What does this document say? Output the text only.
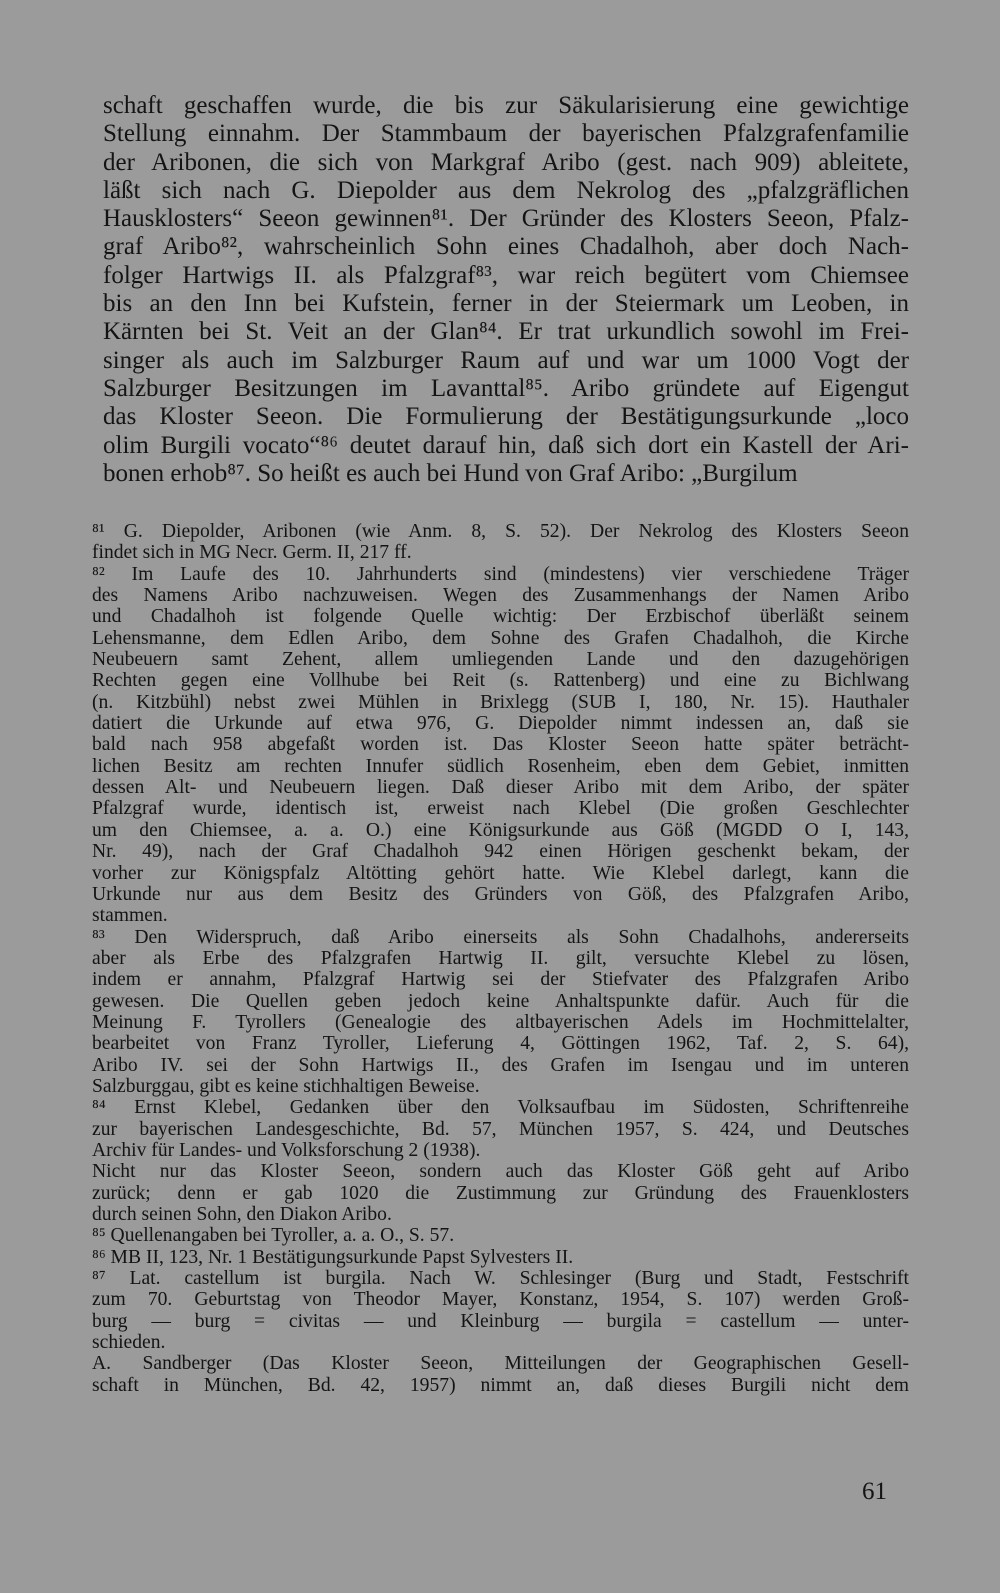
schaft geschaffen wurde, die bis zur Säkularisierung eine gewichtige
Stellung einnahm. Der Stammbaum der bayerischen Pfalzgrafenfamilie
der Aribonen, die sich von Markgraf Aribo (gest. nach 909) ableitete,
läßt sich nach G. Diepolder aus dem Nekrolog des „pfalzgräflichen
Hausklosters“ Seeon gewinnen⁸¹. Der Gründer des Klosters Seeon, Pfalz-
graf Aribo⁸², wahrscheinlich Sohn eines Chadalhoh, aber doch Nach-
folger Hartwigs II. als Pfalzgraf⁸³, war reich begütert vom Chiemsee
bis an den Inn bei Kufstein, ferner in der Steiermark um Leoben, in
Kärnten bei St. Veit an der Glan⁸⁴. Er trat urkundlich sowohl im Frei-
singer als auch im Salzburger Raum auf und war um 1000 Vogt der
Salzburger Besitzungen im Lavanttal⁸⁵. Aribo gründete auf Eigengut
das Kloster Seeon. Die Formulierung der Bestätigungsurkunde „loco
olim Burgili vocato“⁸⁶ deutet darauf hin, daß sich dort ein Kastell der Ari-
bonen erhob⁸⁷. So heißt es auch bei Hund von Graf Aribo: „Burgilum
⁸¹ G. Diepolder, Aribonen (wie Anm. 8, S. 52). Der Nekrolog des Klosters Seeon
findet sich in MG Necr. Germ. II, 217 ff.
⁸² Im Laufe des 10. Jahrhunderts sind (mindestens) vier verschiedene Träger
des Namens Aribo nachzuweisen. Wegen des Zusammenhangs der Namen Aribo
und Chadalhoh ist folgende Quelle wichtig: Der Erzbischof überläßt seinem
Lehensmanne, dem Edlen Aribo, dem Sohne des Grafen Chadalhoh, die Kirche
Neubeuern samt Zehent, allem umliegenden Lande und den dazugehörigen
Rechten gegen eine Vollhube bei Reit (s. Rattenberg) und eine zu Bichlwang
(n. Kitzbühl) nebst zwei Mühlen in Brixlegg (SUB I, 180, Nr. 15). Hauthaler
datiert die Urkunde auf etwa 976, G. Diepolder nimmt indessen an, daß sie
bald nach 958 abgefaßt worden ist. Das Kloster Seeon hatte später beträcht-
lichen Besitz am rechten Innufer südlich Rosenheim, eben dem Gebiet, inmitten
dessen Alt- und Neubeuern liegen. Daß dieser Aribo mit dem Aribo, der später
Pfalzgraf wurde, identisch ist, erweist nach Klebel (Die großen Geschlechter
um den Chiemsee, a. a. O.) eine Königsurkunde aus Göß (MGDD O I, 143,
Nr. 49), nach der Graf Chadalhoh 942 einen Hörigen geschenkt bekam, der
vorher zur Königspfalz Altötting gehört hatte. Wie Klebel darlegt, kann die
Urkunde nur aus dem Besitz des Gründers von Göß, des Pfalzgrafen Aribo,
stammen.
⁸³ Den Widerspruch, daß Aribo einerseits als Sohn Chadalhohs, andererseits
aber als Erbe des Pfalzgrafen Hartwig II. gilt, versuchte Klebel zu lösen,
indem er annahm, Pfalzgraf Hartwig sei der Stiefvater des Pfalzgrafen Aribo
gewesen. Die Quellen geben jedoch keine Anhaltspunkte dafür. Auch für die
Meinung F. Tyrollers (Genealogie des altbayerischen Adels im Hochmittelalter,
bearbeitet von Franz Tyroller, Lieferung 4, Göttingen 1962, Taf. 2, S. 64),
Aribo IV. sei der Sohn Hartwigs II., des Grafen im Isengau und im unteren
Salzburggau, gibt es keine stichhaltigen Beweise.
⁸⁴ Ernst Klebel, Gedanken über den Volksaufbau im Südosten, Schriftenreihe
zur bayerischen Landesgeschichte, Bd. 57, München 1957, S. 424, und Deutsches
Archiv für Landes- und Volksforschung 2 (1938).
Nicht nur das Kloster Seeon, sondern auch das Kloster Göß geht auf Aribo
zurück; denn er gab 1020 die Zustimmung zur Gründung des Frauenklosters
durch seinen Sohn, den Diakon Aribo.
⁸⁵ Quellenangaben bei Tyroller, a. a. O., S. 57.
⁸⁶ MB II, 123, Nr. 1 Bestätigungsurkunde Papst Sylvesters II.
⁸⁷ Lat. castellum ist burgila. Nach W. Schlesinger (Burg und Stadt, Festschrift
zum 70. Geburtstag von Theodor Mayer, Konstanz, 1954, S. 107) werden Groß-
burg — burg = civitas — und Kleinburg — burgila = castellum — unter-
schieden.
A. Sandberger (Das Kloster Seeon, Mitteilungen der Geographischen Gesell-
schaft in München, Bd. 42, 1957) nimmt an, daß dieses Burgili nicht dem
61
